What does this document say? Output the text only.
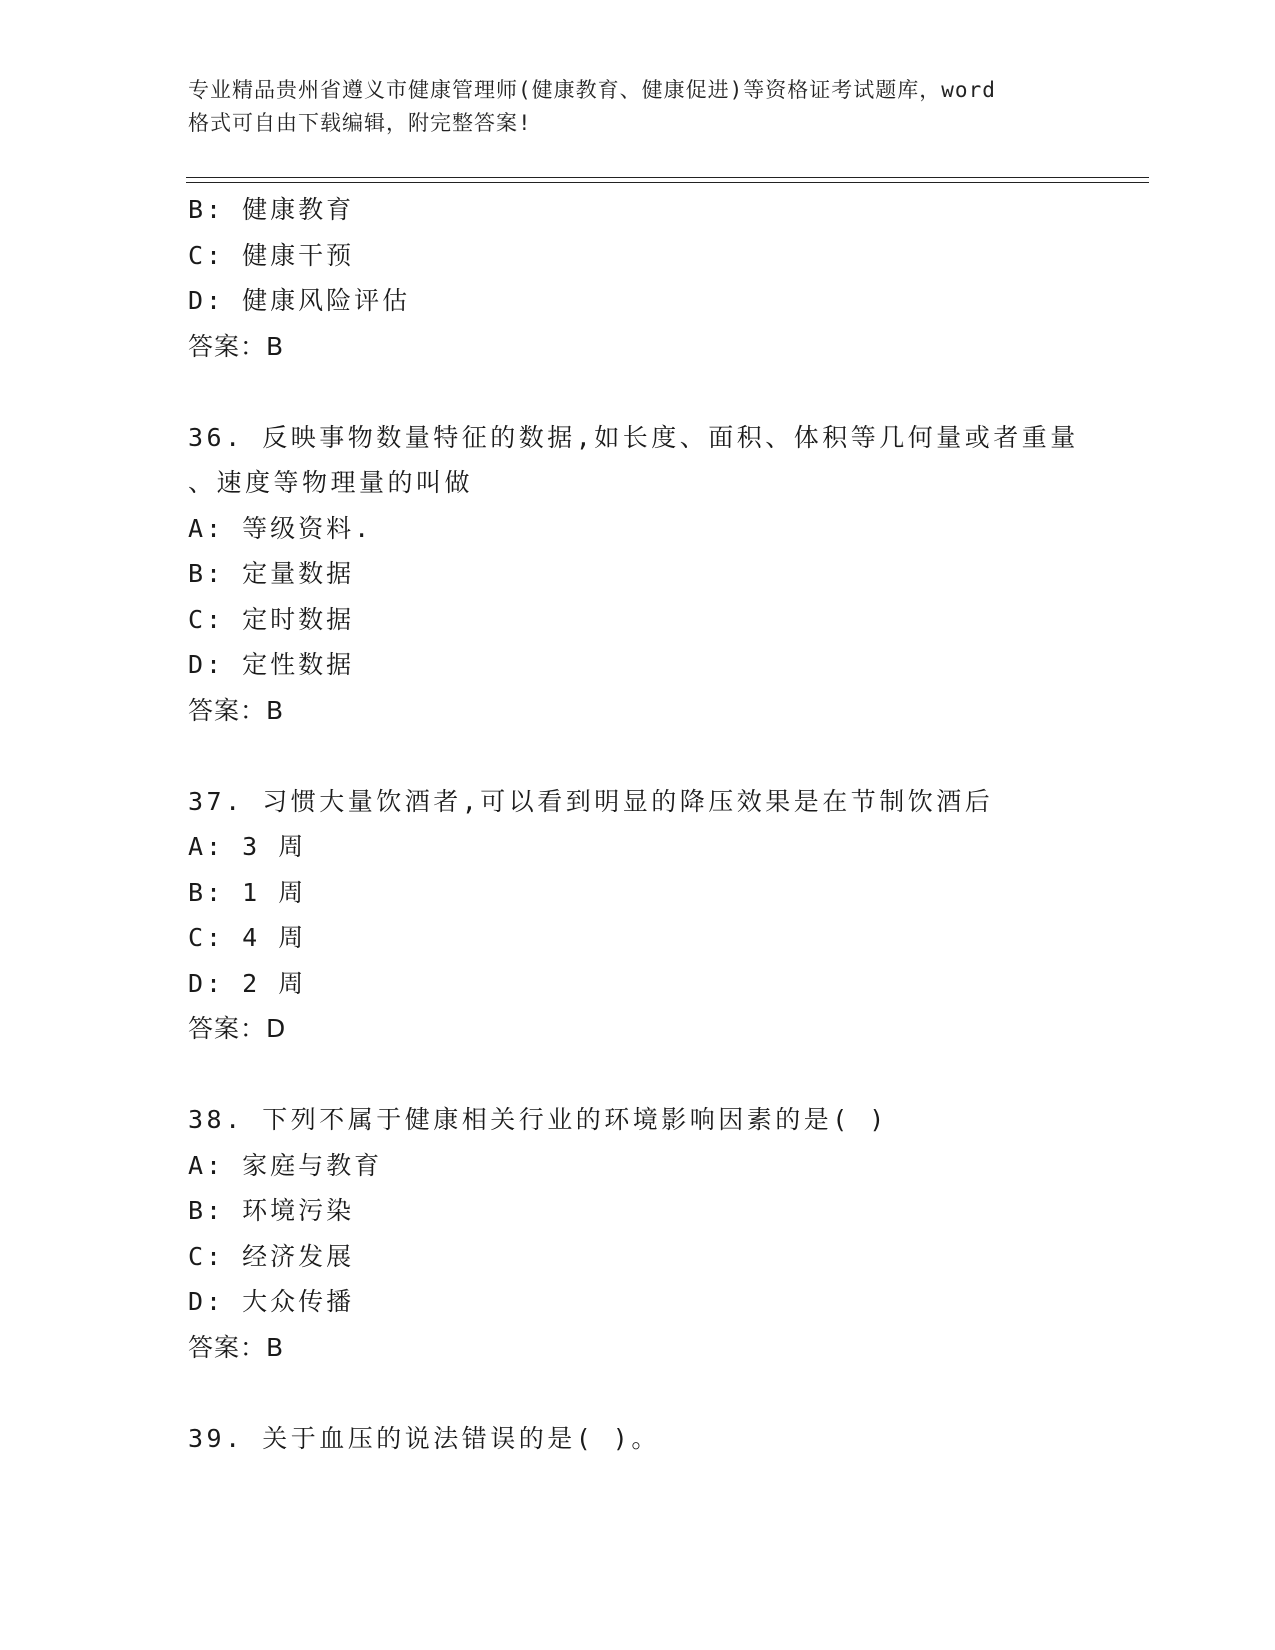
专业精品贵州省遵义市健康管理师(健康教育、健康促进)等资格证考试题库，word
格式可自由下载编辑，附完整答案!
B: 健康教育
C: 健康干预
D: 健康风险评估
答案：B
36. 反映事物数量特征的数据,如长度、面积、体积等几何量或者重量
、速度等物理量的叫做
A: 等级资料.
B: 定量数据
C: 定时数据
D: 定性数据
答案：B
37. 习惯大量饮酒者,可以看到明显的降压效果是在节制饮酒后
A: 3 周
B: 1 周
C: 4 周
D: 2 周
答案：D
38. 下列不属于健康相关行业的环境影响因素的是( )
A: 家庭与教育
B: 环境污染
C: 经济发展
D: 大众传播
答案：B
39. 关于血压的说法错误的是( )。
